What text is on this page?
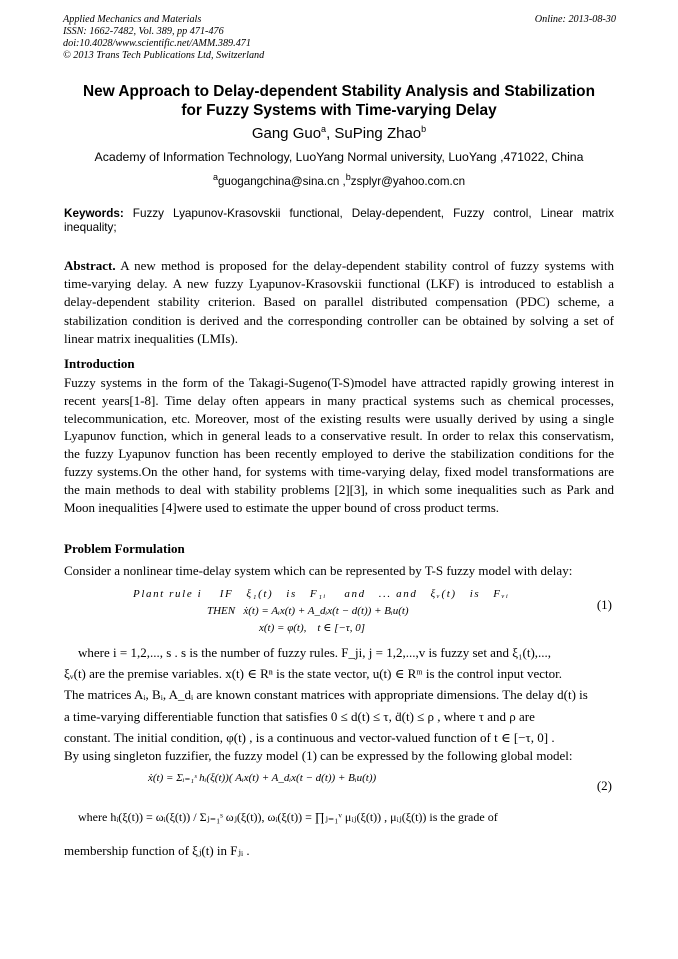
Applied Mechanics and Materials
ISSN: 1662-7482, Vol. 389, pp 471-476
doi:10.4028/www.scientific.net/AMM.389.471
© 2013 Trans Tech Publications Ltd, Switzerland
Online: 2013-08-30
New Approach to Delay-dependent Stability Analysis and Stabilization
for Fuzzy Systems with Time-varying Delay
Gang Guo$^a$, SuPing Zhao$^b$
Academy of Information Technology, LuoYang Normal university, LuoYang ,471022, China
$^a$guogangchina@sina.cn ,$^b$zsplyr@yahoo.com.cn
Keywords: Fuzzy Lyapunov-Krasovskii functional, Delay-dependent, Fuzzy control, Linear matrix inequality;
Abstract. A new method is proposed for the delay-dependent stability control of fuzzy systems with time-varying delay. A new fuzzy Lyapunov-Krasovskii functional (LKF) is introduced to establish a delay-dependent stability criterion. Based on parallel distributed compensation (PDC) scheme, a stabilization condition is derived and the corresponding controller can be obtained by solving a set of linear matrix inequalities (LMIs).
Introduction
Fuzzy systems in the form of the Takagi-Sugeno(T-S)model have attracted rapidly growing interest in recent years[1-8]. Time delay often appears in many practical systems such as chemical processes, telecommunication, etc. Moreover, most of the existing results were usually derived by using a single Lyapunov function, which in general leads to a conservative result. In order to relax this conservatism, the fuzzy Lyapunov function has been recently employed to derive the stabilization conditions for the fuzzy systems.On the other hand, for systems with time-varying delay, fixed model transformations are the main methods to deal with stability problems [2][3], in which some inequalities such as Park and Moon inequalities [4]were used to estimate the upper bound of cross product terms.
Problem Formulation
Consider a nonlinear time-delay system which can be represented by T-S fuzzy model with delay:
Plant rule i    IF   ξ₁(t)   is   F₁ᵢ    and   ... and   ξᵥ(t)   is   Fᵥᵢ
THEN   ẋ(t) = Aᵢx(t) + A_dᵢx(t − d(t)) + Bᵢu(t)
x(t) = φ(t),    t ∈ [−τ, 0]
(1)
where i = 1,2,..., s . s is the number of fuzzy rules. F_ji, j = 1,2,...,v is fuzzy set and ξ₁(t),...,
ξᵥ(t) are the premise variables. x(t) ∈ Rⁿ is the state vector, u(t) ∈ Rᵐ is the control input vector.
The matrices Aᵢ, Bᵢ, A_dᵢ are known constant matrices with appropriate dimensions. The delay d(t) is
a time-varying differentiable function that satisfies 0 ≤ d(t) ≤ τ, ḋ(t) ≤ ρ , where τ and ρ are
constant. The initial condition, φ(t) , is a continuous and vector-valued function of t ∈ [−τ, 0] .
By using singleton fuzzifier, the fuzzy model (1) can be expressed by the following global model:
ẋ(t) = Σᵢ₌₁ˢ hᵢ(ξ(t))( Aᵢx(t) + A_dᵢx(t − d(t)) + Bᵢu(t))	(2)
where hᵢ(ξ(t)) = ωᵢ(ξ(t)) / Σⱼ₌₁ˢ ωⱼ(ξ(t)), ωᵢ(ξ(t)) = ∏ⱼ₌₁ᵛ μᵢⱼ(ξ(t)) , μᵢⱼ(ξ(t)) is the grade of
membership function of ξⱼ(t) in Fⱼᵢ .
